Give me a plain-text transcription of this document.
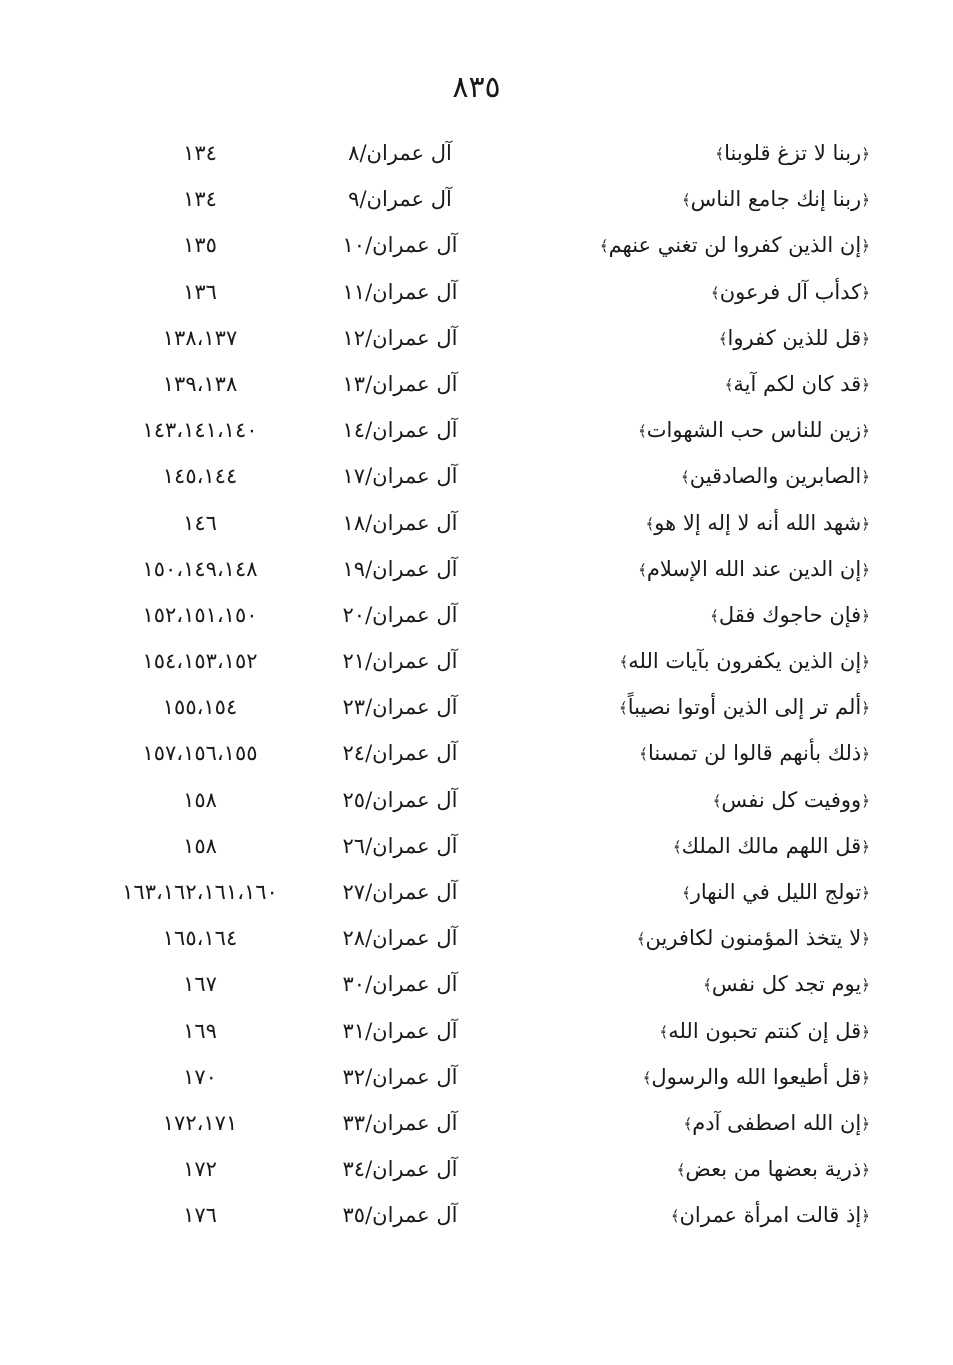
٨٣٥
﴿ربنا لا تزغ قلوبنا﴾
آل عمران/٨
١٣٤
﴿ربنا إنك جامع الناس﴾
آل عمران/٩
١٣٤
﴿إن الذين كفروا لن تغني عنهم﴾
آل عمران/١٠
١٣٥
﴿كدأب آل فرعون﴾
آل عمران/١١
١٣٦
﴿قل للذين كفروا﴾
آل عمران/١٢
١٣٨،١٣٧
﴿قد كان لكم آية﴾
آل عمران/١٣
١٣٩،١٣٨
﴿زين للناس حب الشهوات﴾
آل عمران/١٤
١٤٣،١٤١،١٤٠
﴿الصابرين والصادقين﴾
آل عمران/١٧
١٤٥،١٤٤
﴿شهد الله أنه لا إله إلا هو﴾
آل عمران/١٨
١٤٦
﴿إن الدين عند الله الإسلام﴾
آل عمران/١٩
١٥٠،١٤٩،١٤٨
﴿فإن حاجوك فقل﴾
آل عمران/٢٠
١٥٢،١٥١،١٥٠
﴿إن الذين يكفرون بآيات الله﴾
آل عمران/٢١
١٥٤،١٥٣،١٥٢
﴿ألم تر إلى الذين أوتوا نصيباً﴾
آل عمران/٢٣
١٥٥،١٥٤
﴿ذلك بأنهم قالوا لن تمسنا﴾
آل عمران/٢٤
١٥٧،١٥٦،١٥٥
﴿ووفيت كل نفس﴾
آل عمران/٢٥
١٥٨
﴿قل اللهم مالك الملك﴾
آل عمران/٢٦
١٥٨
﴿تولج الليل في النهار﴾
آل عمران/٢٧
١٦٣،١٦٢،١٦١،١٦٠
﴿لا يتخذ المؤمنون لكافرين﴾
آل عمران/٢٨
١٦٥،١٦٤
﴿يوم تجد كل نفس﴾
آل عمران/٣٠
١٦٧
﴿قل إن كنتم تحبون الله﴾
آل عمران/٣١
١٦٩
﴿قل أطيعوا الله والرسول﴾
آل عمران/٣٢
١٧٠
﴿إن الله اصطفى آدم﴾
آل عمران/٣٣
١٧٢،١٧١
﴿ذرية بعضها من بعض﴾
آل عمران/٣٤
١٧٢
﴿إذ قالت امرأة عمران﴾
آل عمران/٣٥
١٧٦
